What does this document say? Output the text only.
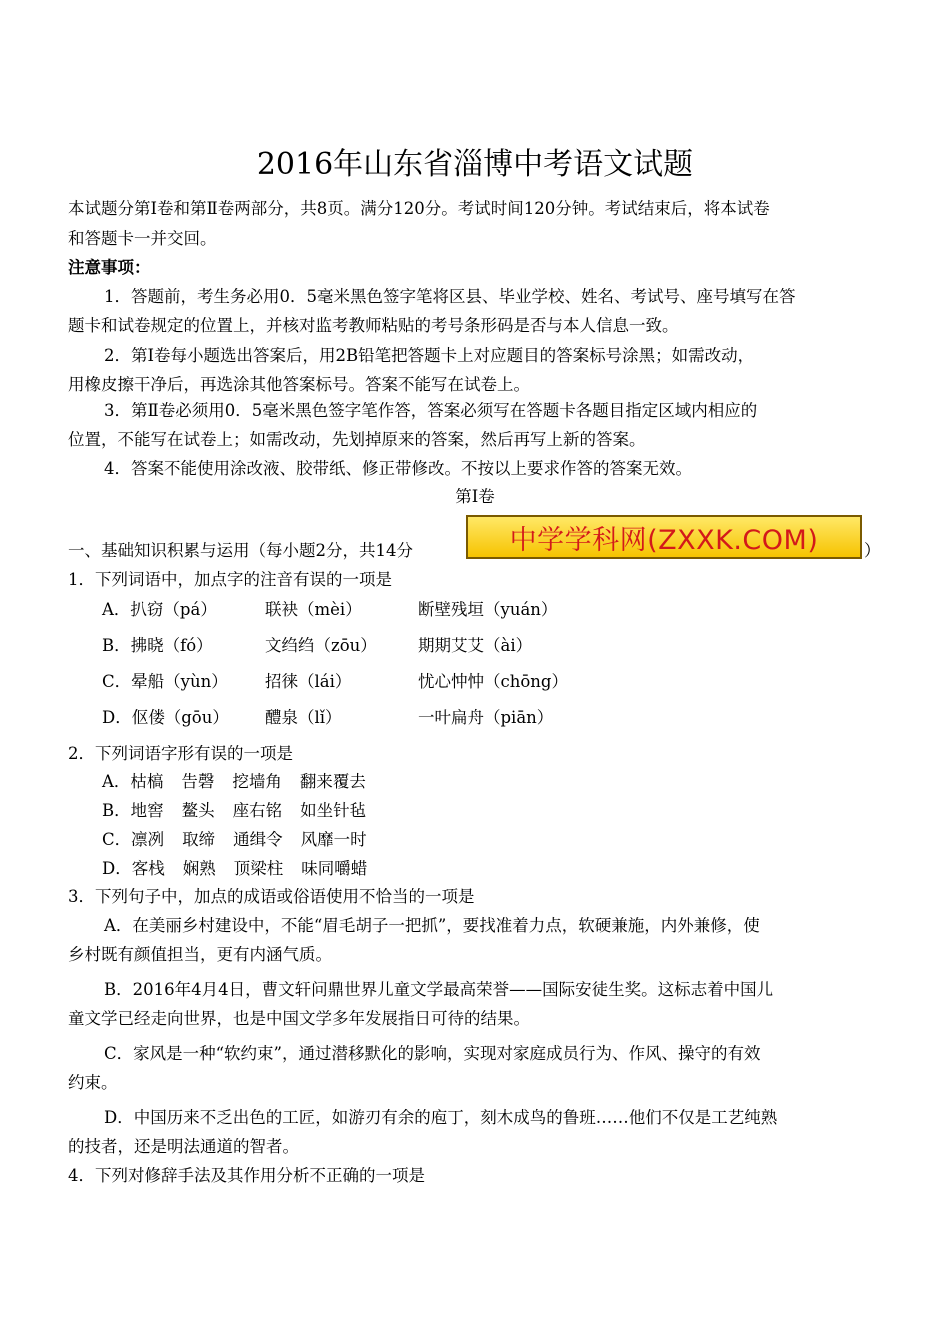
2016年山东省淄博中考语文试题
本试题分第Ⅰ卷和第Ⅱ卷两部分，共8页。满分120分。考试时间120分钟。考试结束后，将本试卷
和答题卡一并交回。
注意事项：
1．答题前，考生务必用0．5毫米黑色签字笔将区县、毕业学校、姓名、考试号、座号填写在答
题卡和试卷规定的位置上，并核对监考教师粘贴的考号条形码是否与本人信息一致。
2．第Ⅰ卷每小题选出答案后，用2B铅笔把答题卡上对应题目的答案标号涂黑；如需改动，
用橡皮擦干净后，再选涂其他答案标号。答案不能写在试卷上。
3．第Ⅱ卷必须用0．5毫米黑色签字笔作答，答案必须写在答题卡各题目指定区域内相应的
位置，不能写在试卷上；如需改动，先划掉原来的答案，然后再写上新的答案。
4．答案不能使用涂改液、胶带纸、修正带修改。不按以上要求作答的答案无效。
第Ⅰ卷
一、基础知识积累与运用（每小题2分，共14分	中学学科网(ZXXK.COM)	）
1．下列词语中，加点字的注音有误的一项是
A．扒窃（pá）	联袂（mèi）	断壁残垣（yuán）
B．拂晓（fó）	文绉绉（zōu） 期期艾艾（ài）
C．晕船（yùn） 招徕（lái）	忧心忡忡（chōng）
D．伛偻（gōu） 醴泉（lǐ）	一叶扁舟（piān）
2．下列词语字形有误的一项是
A．枯槁 告磬 挖墙角 翻来覆去
B．地窖 鳌头 座右铭 如坐针毡
C．凛冽 取缔 通缉令 风靡一时
D．客栈 娴熟 顶梁柱 味同嚼蜡
3．下列句子中，加点的成语或俗语使用不恰当的一项是
A．在美丽乡村建设中，不能“眉毛胡子一把抓”，要找准着力点，软硬兼施，内外兼修，使
乡村既有颜值担当，更有内涵气质。
B．2016年4月4日，曹文轩问鼎世界儿童文学最高荣誉——国际安徒生奖。这标志着中国儿
童文学已经走向世界，也是中国文学多年发展指日可待的结果。
C．家风是一种“软约束”，通过潜移默化的影响，实现对家庭成员行为、作风、操守的有效
约束。
D．中国历来不乏出色的工匠，如游刃有余的庖丁，刻木成鸟的鲁班……他们不仅是工艺纯熟
的技者，还是明法通道的智者。
4．下列对修辞手法及其作用分析不正确的一项是
